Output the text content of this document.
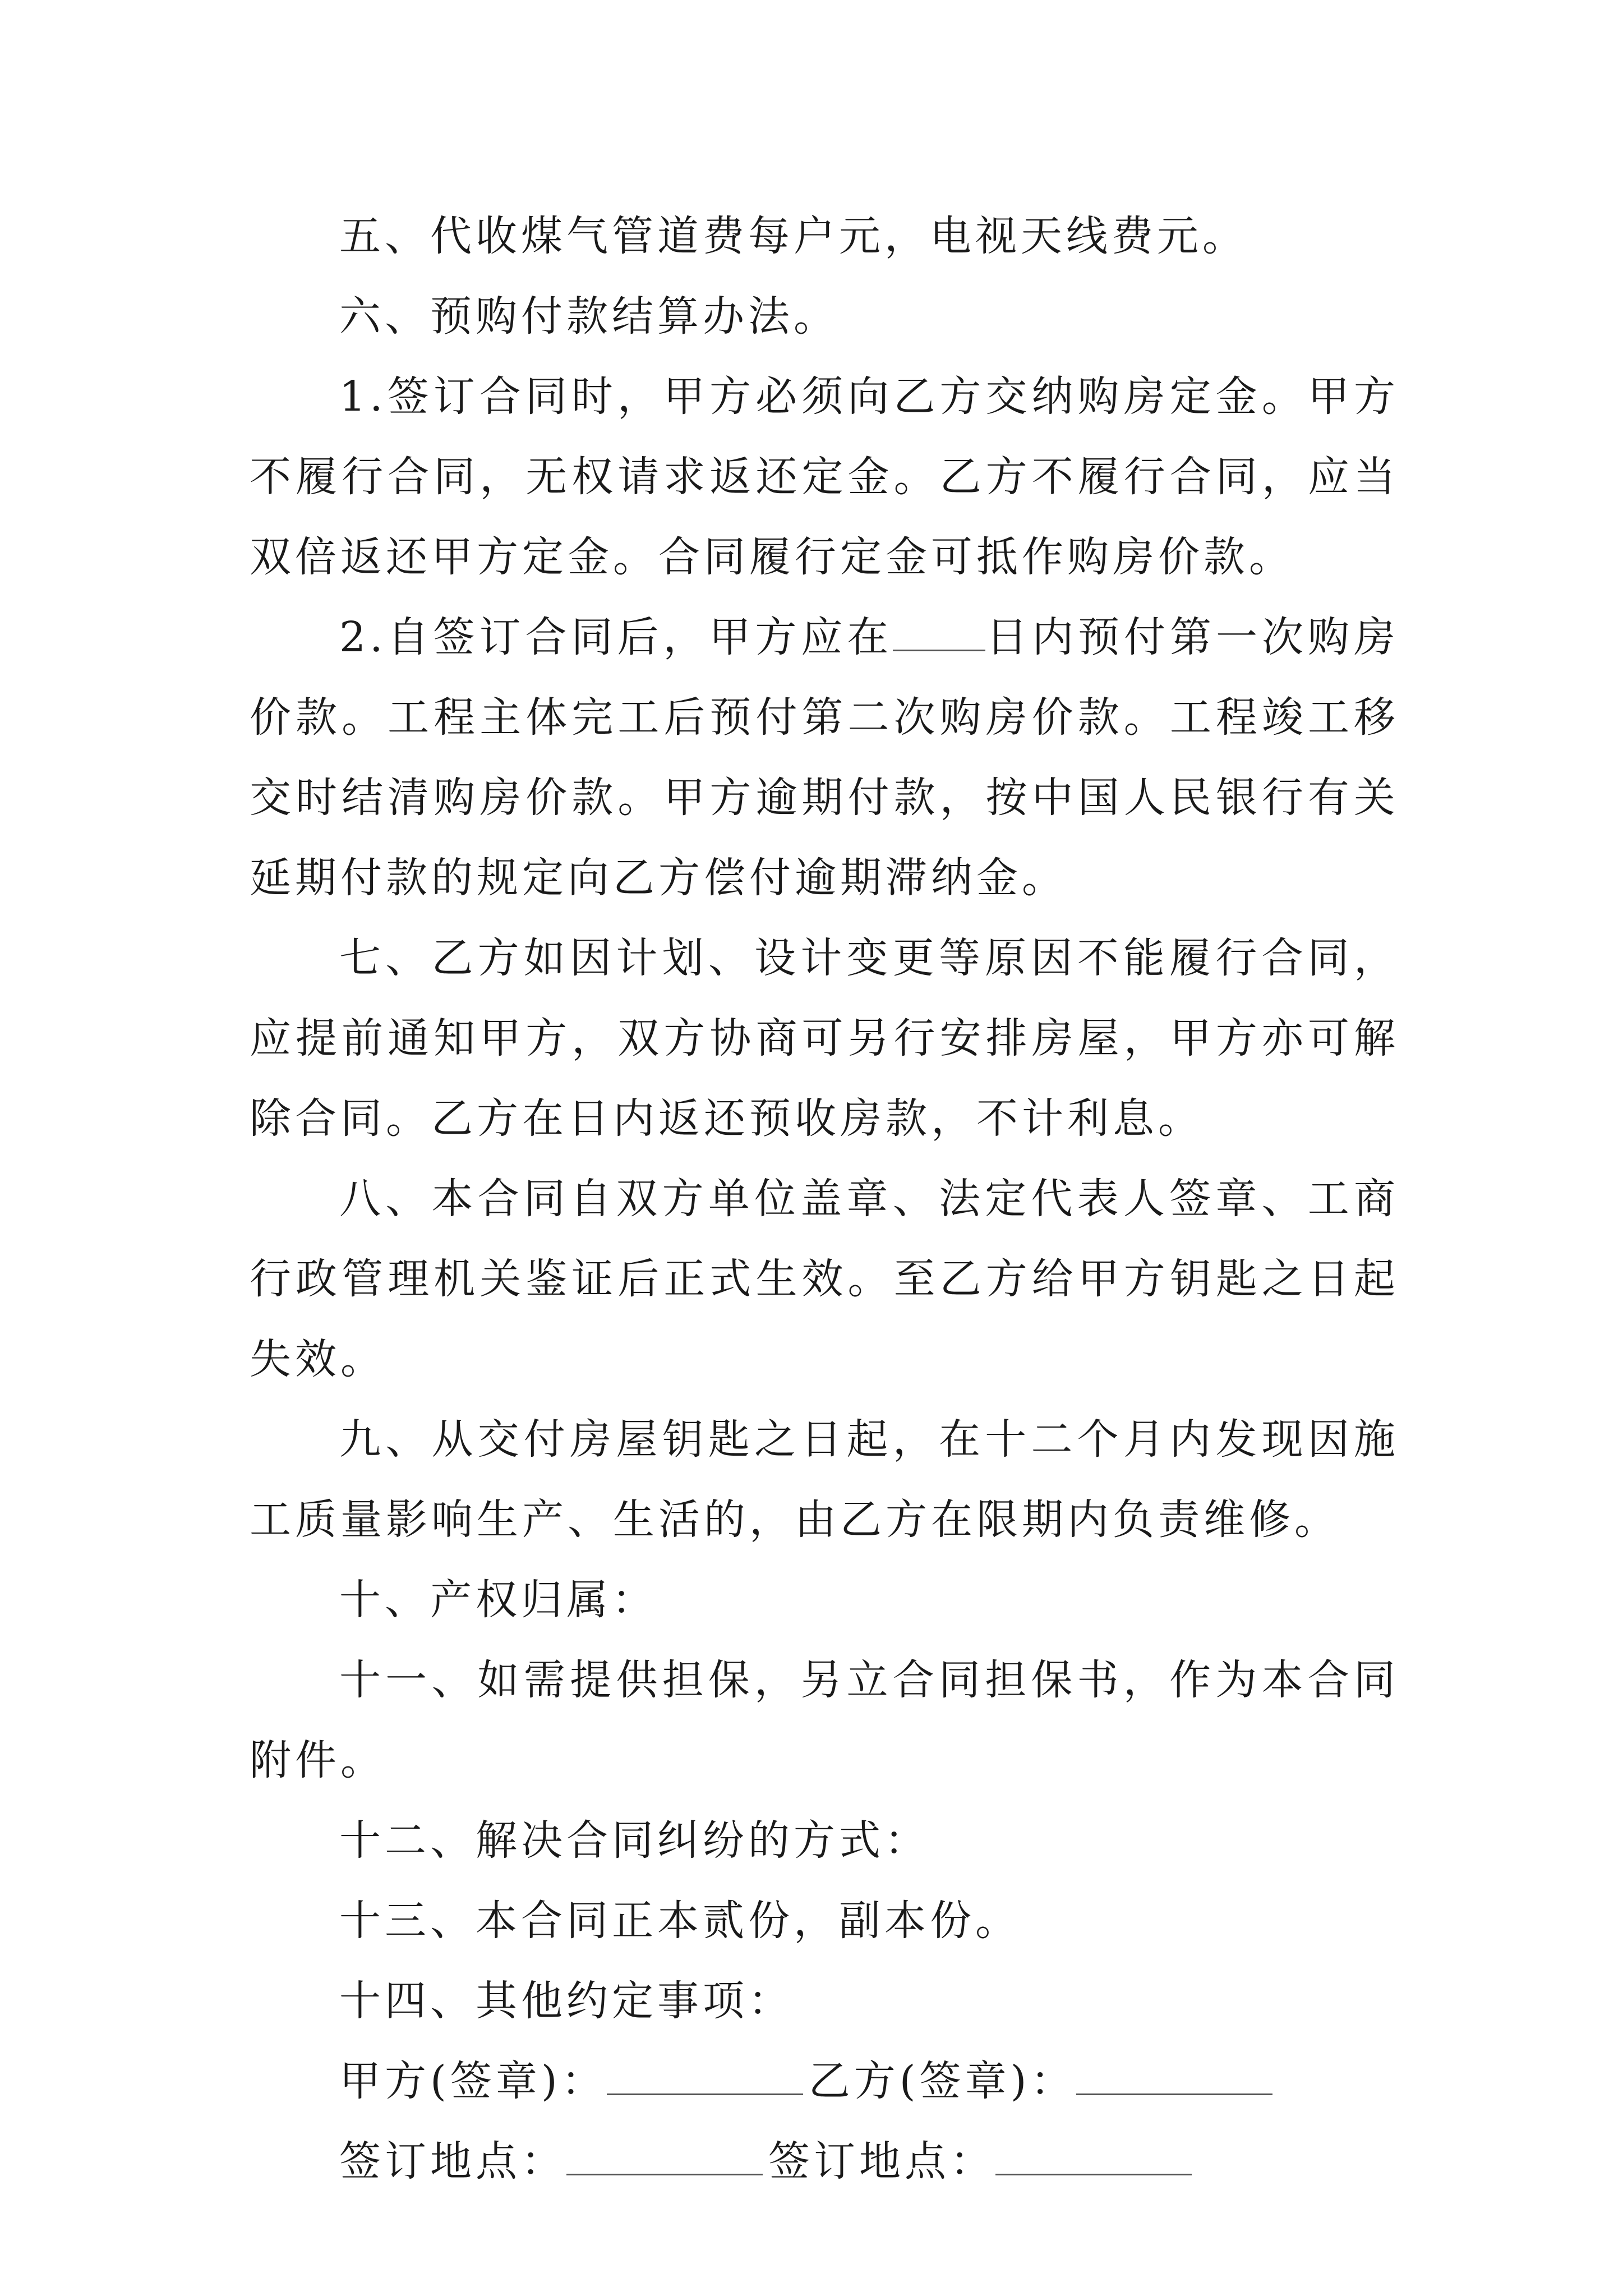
五、代收煤气管道费每户元，电视天线费元。

六、预购付款结算办法。

1.签订合同时，甲方必须向乙方交纳购房定金。甲方不履行合同，无权请求返还定金。乙方不履行合同，应当双倍返还甲方定金。合同履行定金可抵作购房价款。

2.自签订合同后，甲方应在 日内预付第一次购房价款。工程主体完工后预付第二次购房价款。工程竣工移交时结清购房价款。甲方逾期付款，按中国人民银行有关延期付款的规定向乙方偿付逾期滞纳金。

七、乙方如因计划、设计变更等原因不能履行合同，应提前通知甲方，双方协商可另行安排房屋，甲方亦可解除合同。乙方在日内返还预收房款，不计利息。

八、本合同自双方单位盖章、法定代表人签章、工商行政管理机关鉴证后正式生效。至乙方给甲方钥匙之日起失效。

九、从交付房屋钥匙之日起，在十二个月内发现因施工质量影响生产、生活的，由乙方在限期内负责维修。

十、产权归属：

十一、如需提供担保，另立合同担保书，作为本合同附件。

十二、解决合同纠纷的方式：

十三、本合同正本贰份，副本份。

十四、其他约定事项：

甲方(签章)：	乙方(签章)：

签订地点：	签订地点：
